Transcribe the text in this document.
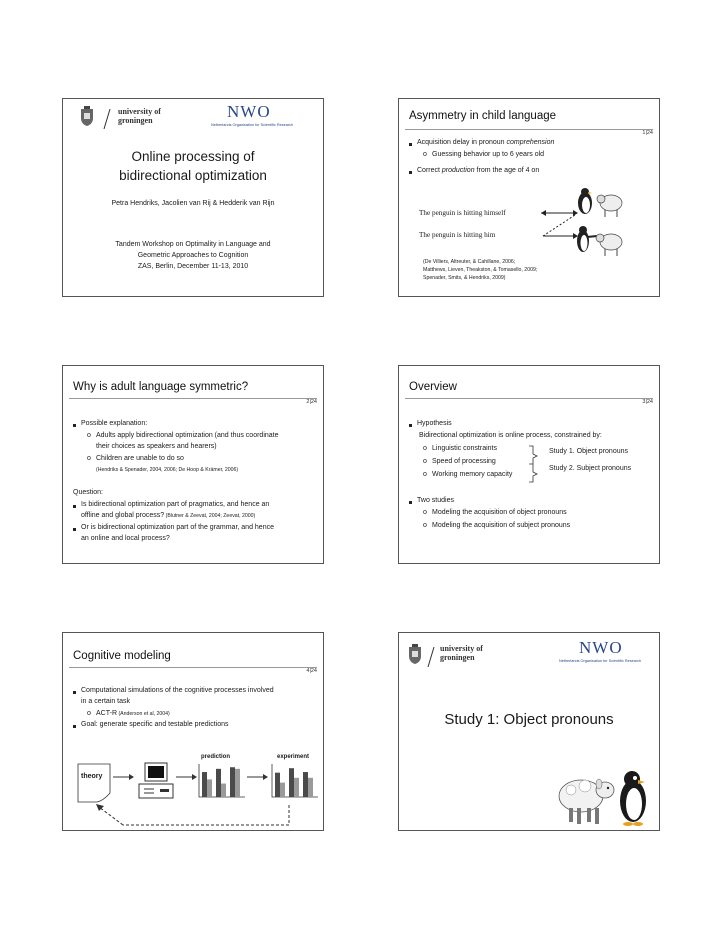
university of
groningen	NWO
Netherlands Organisation for Scientific Research
Online processing of
bidirectional optimization
Petra Hendriks, Jacolien van Rij & Hedderik van Rijn
Tandem Workshop on Optimality in Language and
Geometric Approaches to Cognition
ZAS, Berlin, December 11-13, 2010
Asymmetry in child language
1|24
Acquisition delay in pronoun comprehension
o Guessing behavior up to 6 years old
Correct production from the age of 4 on
The penguin is hitting himself
The penguin is hitting him
(De Villiers, Altreuter, & Cahillane, 2006;
Matthews, Lieven, Theakston, & Tomasello, 2009;
Spenader, Smits, & Hendriks, 2009)
Why is adult language symmetric?
2|24
Possible explanation:
o Adults apply bidirectional optimization (and thus coordinate
their choices as speakers and hearers)
o Children are unable to do so
(Hendriks & Spenader, 2004, 2006; De Hoop & Krämer, 2006)
Question:
Is bidirectional optimization part of pragmatics, and hence an
offline and global process? (Blutner & Zeevat, 2004; Zeevat, 2000)
Or is bidirectional optimization part of the grammar, and hence
an online and local process?
Overview
3|24
Hypothesis
Bidirectional optimization is online process, constrained by:
o Linguistic constraints
o Speed of processing
o Working memory capacity
Study 1. Object pronouns
Study 2. Subject pronouns
Two studies
o Modeling the acquisition of object pronouns
o Modeling the acquisition of subject pronouns
Cognitive modeling
4|24
Computational simulations of the cognitive processes involved
in a certain task
o ACT-R (Anderson et al, 2004)
Goal: generate specific and testable predictions
theory
prediction	experiment
university of
groningen
NWO
Netherlands Organisation for Scientific Research
Study 1: Object pronouns
